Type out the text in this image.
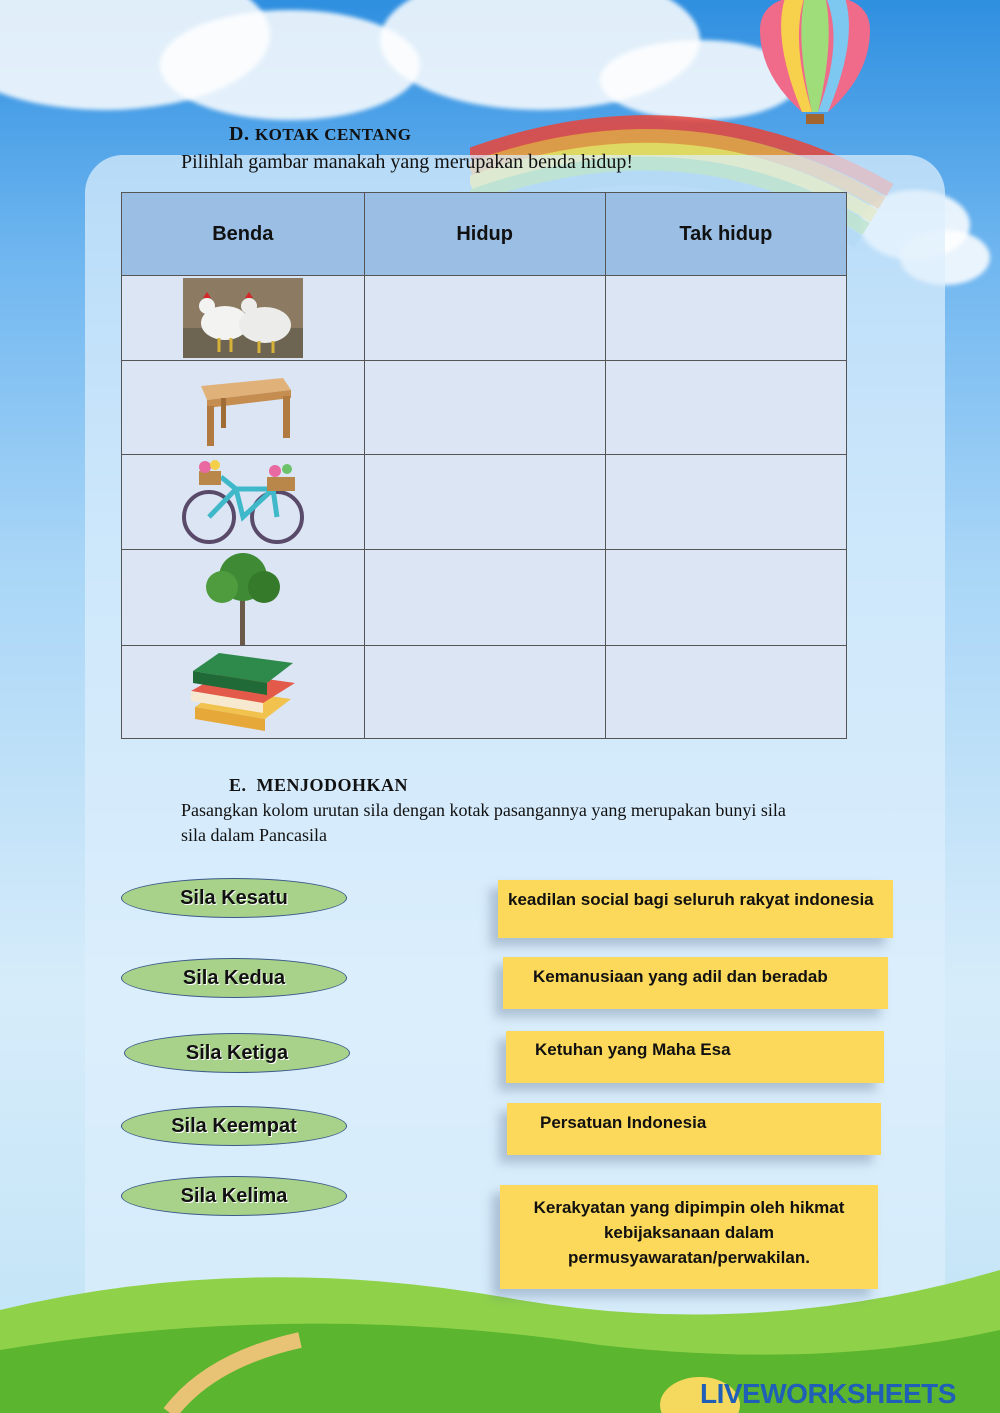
D. KOTAK CENTANG
Pilihlah gambar manakah yang merupakan benda hidup!
Benda	Hidup	Tak hidup

E. MENJODOHKAN
Pasangkan kolom urutan sila dengan kotak pasangannya yang merupakan bunyi sila
sila dalam Pancasila
Sila Kesatu
Sila Kedua
Sila Ketiga
Sila Keempat
Sila Kelima
keadilan social bagi seluruh rakyat indonesia
Kemanusiaan yang adil dan beradab
Ketuhan yang Maha Esa
Persatuan Indonesia
Kerakyatan yang dipimpin oleh hikmat kebijaksanaan dalam permusyawaratan/perwakilan.
LIVEWORKSHEETS
